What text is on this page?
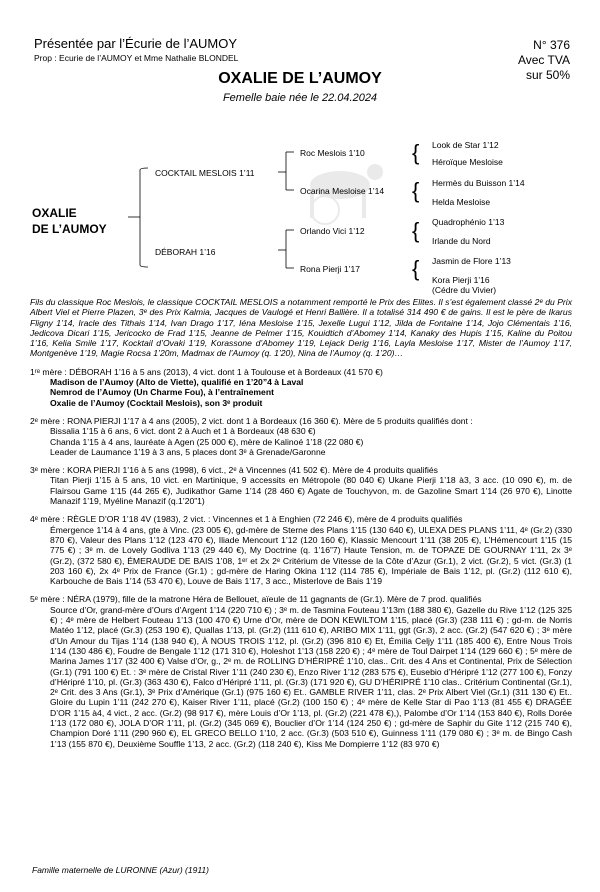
Présentée par l’Écurie de l’AUMOY
Prop : Ecurie de l’AUMOY et Mme Nathalie BLONDEL
N° 376
Avec TVA
sur 50%
OXALIE DE L’AUMOY
Femelle baie née le 22.04.2024
{
{
{
{
OXALIE
DE L’AUMOY
COCKTAIL MESLOIS 1’11
DÉBORAH 1’16
Roc Meslois 1’10
Ocarina Mesloise 1’14
Orlando Vici 1’12
Rona Pierji 1’17
Look de Star 1’12
Héroïque Mesloise
Hermès du Buisson 1’14
Helda Mesloise
Quadrophénio 1’13
Irlande du Nord
Jasmin de Flore 1’13
Kora Pierji 1’16
(Cédre du Vivier)

Fils du classique Roc Meslois, le classique COCKTAIL MESLOIS a notamment remporté le Prix des Elites. Il s’est également classé 2ᵉ du Prix Albert Viel et Pierre Plazen, 3ᵉ des Prix Kalmia, Jacques de Vaulogé et Henri Ballière. Il a totalisé 314 490 € de gains. Il est le père de Ikarus Fligny 1’14, Iracle des Tithais 1’14, Ivan Drago 1’17, Iéna Mesloise 1’15, Jexelle Lugui 1’12, Jilda de Fontaine 1’14, Jojo Clémentais 1’16, Jedicova Dicari 1’15, Jericocko de Frad 1’15, Jeanne de Pelmer 1’15, Kouidtich d’Abomey 1’14, Kanaky des Hupis 1’15, Kaline du Poitou 1’16, Kelia Smile 1’17, Kocktail d’Ovaki 1’19, Korassone d’Abomey 1’19, Lejack Derig 1’16, Layla Mesloise 1’17, Mister de l’Aumoy 1’17, Montgenève 1’19, Magie Rocsa 1’20m, Madmax de l’Aumoy (q. 1’20), Nina de l’Aumoy (q. 1’20)…

1ʳᵉ mère : DÉBORAH 1’16 à 5 ans (2013), 4 vict. dont 1 à Toulouse et à Bordeaux (41 570 €)

Madison de l’Aumoy (Alto de Viette), qualifié en 1’20”4 à Laval

Nemrod de l’Aumoy (Un Charme Fou), à l’entraînement

Oxalie de l’Aumoy (Cocktail Meslois), son 3ᵉ produit

2ᵉ mère : RONA PIERJI 1’17 à 4 ans (2005), 2 vict. dont 1 à Bordeaux (16 360 €). Mère de 5 produits qualifiés dont :

Bissalia 1’15 à 6 ans, 6 vict. dont 2 à Auch et 1 à Bordeaux (48 630 €)

Chanda 1’15 à 4 ans, lauréate à Agen (25 000 €), mère de Kalinoé 1’18 (22 080 €)

Leader de Laumance 1’19 à 3 ans, 5 places dont 3ᵉ à Grenade/Garonne

3ᵉ mère : KORA PIERJI 1’16 à 5 ans (1998), 6 vict., 2ᵉ à Vincennes (41 502 €). Mère de 4 produits qualifiés

Titan Pierji 1’15 à 5 ans, 10 vict. en Martinique, 9 accessits en Métropole (80 040 €) Ukane Pierji 1’18 à3, 3 acc. (10 090 €), m. de Flairsou Game 1’15 (44 265 €), Judikathor Game 1’14 (28 460 €) Agate de Touchyvon, m. de Gazoline Smart 1’14 (26 970 €), Linotte Manazif 1’19, Myéline Manazif (q.1’20”1)

4ᵉ mère : RÈGLE D’OR 1’18 4V (1983), 2 vict. : Vincennes et 1 à Enghien (72 246 €), mère de 4 produits qualifiés

Émergence 1’14 à 4 ans, gte à Vinc. (23 005 €), gd-mère de Sterne des Plans 1’15 (130 640 €), ULEXA DES PLANS 1’11, 4ᵉ (Gr.2) (330 870 €), Valeur des Plans 1’12 (123 470 €), Iliade Mencourt 1’12 (120 160 €), Klassic Mencourt 1’11 (38 205 €), L’Hémencourt 1’15 (15 775 €) ; 3ᵉ m. de Lovely Godliva 1’13 (29 440 €), My Doctrine (q. 1’16”7) Haute Tension, m. de TOPAZE DE GOURNAY 1’11, 2x 3ᵉ (Gr.2), (372 580 €), ÉMERAUDE DE BAIS 1’08, 1ᵉʳ et 2x 2ᵉ Critérium de Vitesse de la Côte d’Azur (Gr.1), 2 vict. (Gr.2), 5 vict. (Gr.3) (1 203 160 €), 2x 4ᵉ Prix de France (Gr.1) ; gd-mère de Haring Okina 1’12 (114 785 €), Impériale de Bais 1’12, pl. (Gr.2) (112 610 €), Karbouche de Bais 1’14 (53 470 €), Louve de Bais 1’17, 3 acc., Misterlove de Bais 1’19

5ᵉ mère : NÉRA (1979), fille de la matrone Héra de Bellouet, aïeule de 11 gagnants de (Gr.1). Mère de 7 prod. qualifiés

Source d’Or, grand-mère d’Ours d’Argent 1’14 (220 710 €) ; 3ᵉ m. de Tasmina Fouteau 1’13m (188 380 €), Gazelle du Rive 1’12 (125 325 €) ; 4ᵉ mère de Helbert Fouteau 1’13 (100 470 €) Urne d’Or, mère de DON KEWILTOM 1’15, placé (Gr.3) (238 111 €) ; gd-m. de Norris Matéo 1’12, placé (Gr.3) (253 190 €), Quallas 1’13, pl. (Gr.2) (111 610 €), ARIBO MIX 1’11, ggt (Gr.3), 2 acc. (Gr.2) (547 620 €) ; 3ᵉ mère d’Un Amour du Tijas 1’14 (138 940 €), À NOUS TROIS 1’12, pl. (Gr.2) (396 810 €) Et, Émilia Celjy 1’11 (185 400 €), Entre Nous Trois 1’14 (130 486 €), Foudre de Bengale 1’12 (171 310 €), Holeshot 1’13 (158 220 €) ; 4ᵉ mère de Toul Dairpet 1’14 (129 660 €) ; 5ᵉ mère de Marina James 1’17 (32 400 €) Valse d’Or, g., 2ᵉ m. de ROLLING D’HÉRIPRÉ 1’10, clas.. Crit. des 4 Ans et Continental, Prix de Sélection (Gr.1) (791 100 €) Et. : 3ᵉ mère de Cristal River 1’11 (240 230 €), Enzo River 1’12 (283 575 €), Eusebio d’Héripré 1’12 (277 100 €), Fonzy d’Héripré 1’10, pl. (Gr.3) (363 430 €), Falco d’Héripré 1’11, pl. (Gr.3) (171 920 €), GU D’HÉRIPRÉ 1’10 clas.. Critérium Continental (Gr.1), 2ᵉ Crit. des 3 Ans (Gr.1), 3ᵉ Prix d’Amérique (Gr.1) (975 160 €) Et.. GAMBLE RIVER 1’11, clas. 2ᵉ Prix Albert Viel (Gr.1) (311 130 €) Et.. Gloire du Lupin 1’11 (242 270 €), Kaiser River 1’11, placé (Gr.2) (100 150 €) ; 4ᵉ mère de Kelle Star di Pao 1’13 (81 455 €) DRAGÉE D’OR 1’15 à4, 4 vict., 2 acc. (Gr.2) (98 917 €), mère Louis d’Or 1’13, pl. (Gr.2) (221 478 €),), Palombe d’Or 1’14 (153 840 €), Rolls Dorée 1’13 (172 080 €), JOLA D’OR 1’11, pl. (Gr.2) (345 069 €), Bouclier d’Or 1’14 (124 250 €) ; gd-mère de Saphir du Gite 1’12 (215 740 €), Champion Doré 1’11 (290 960 €), EL GRECO BELLO 1’10, 2 acc. (Gr.3) (503 510 €), Guinness 1’11 (179 080 €) ; 3ᵉ m. de Bingo Cash 1’13 (155 870 €), Deuxième Souffle 1’13, 2 acc. (Gr.2) (118 240 €), Kiss Me Dompierre 1’12 (83 970 €)

Famille maternelle de LURONNE (Azur) (1911)
